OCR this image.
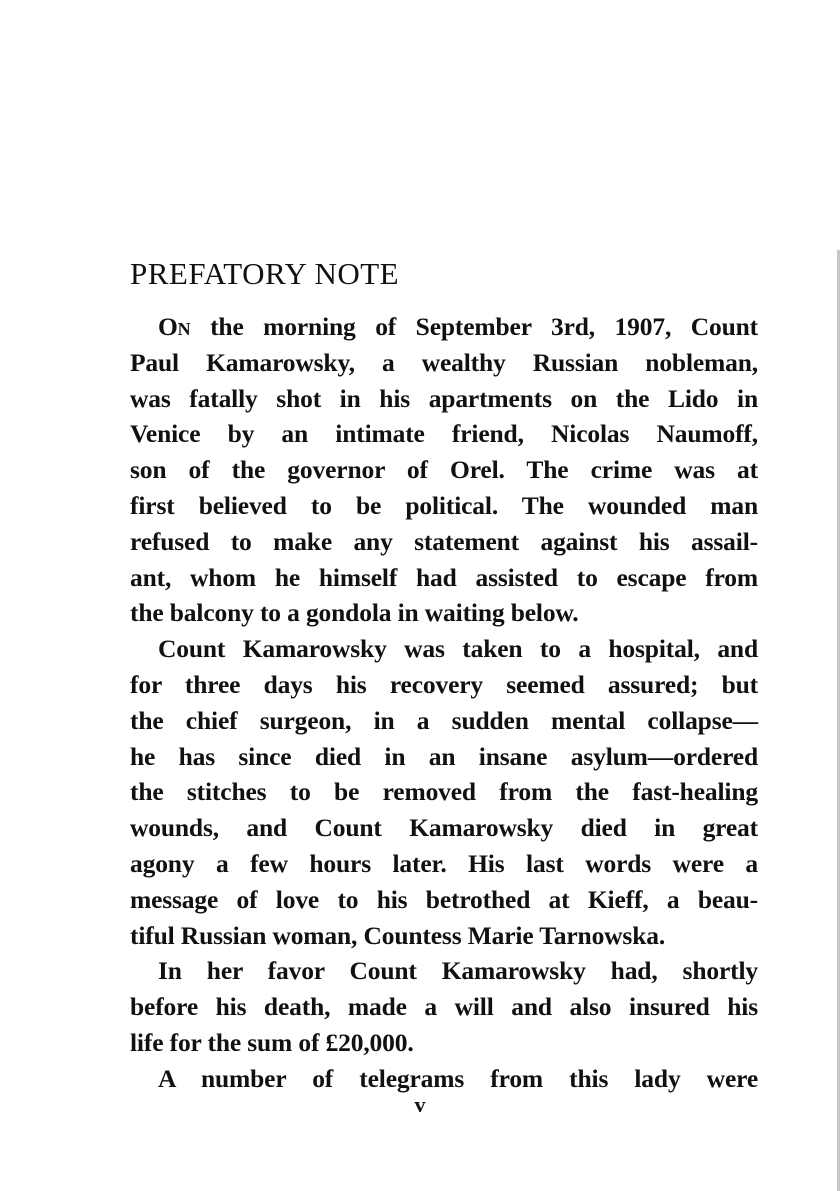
PREFATORY NOTE
On the morning of September 3rd, 1907, Count
Paul Kamarowsky, a wealthy Russian nobleman,
was fatally shot in his apartments on the Lido in
Venice by an intimate friend, Nicolas Naumoff,
son of the governor of Orel. The crime was at
first believed to be political. The wounded man
refused to make any statement against his assail-
ant, whom he himself had assisted to escape from
the balcony to a gondola in waiting below.
Count Kamarowsky was taken to a hospital, and
for three days his recovery seemed assured; but
the chief surgeon, in a sudden mental collapse—
he has since died in an insane asylum—ordered
the stitches to be removed from the fast-healing
wounds, and Count Kamarowsky died in great
agony a few hours later. His last words were a
message of love to his betrothed at Kieff, a beau-
tiful Russian woman, Countess Marie Tarnowska.
In her favor Count Kamarowsky had, shortly
before his death, made a will and also insured his
life for the sum of £20,000.
A number of telegrams from this lady were
v
